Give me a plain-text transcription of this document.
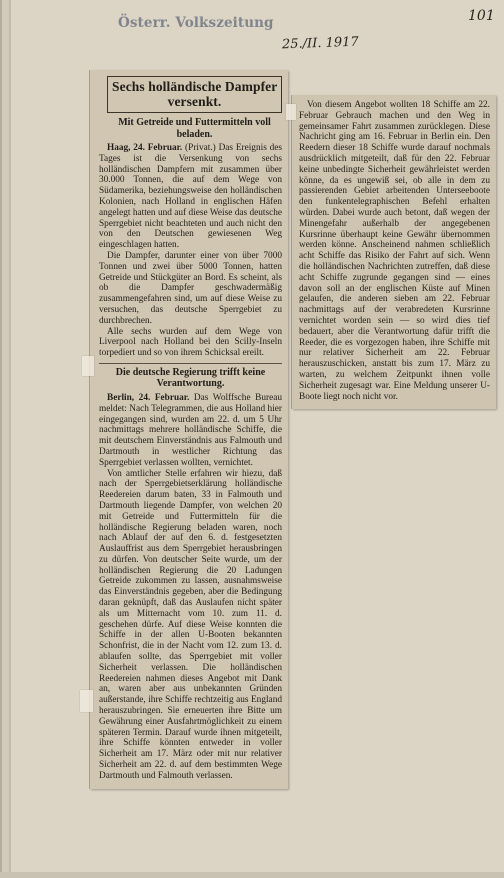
Österr. Volkszeitung
25./II. 1917
101
Sechs holländische Dampfer
versenkt.
Mit Getreide und Futtermitteln voll beladen.

Haag, 24. Februar. (Privat.) Das Ereignis des Tages ist die Versenkung von sechs holländischen Dampfern mit zusammen über 30.000 Tonnen, die auf dem Wege von Südamerika, beziehungsweise den holländischen Kolonien, nach Holland in englischen Häfen angelegt hatten und auf diese Weise das deutsche Sperrgebiet nicht beachteten und auch nicht den von den Deutschen gewiesenen Weg eingeschlagen hatten.

Die Dampfer, darunter einer von über 7000 Tonnen und zwei über 5000 Tonnen, hatten Getreide und Stückgüter an Bord. Es scheint, als ob die Dampfer geschwadermäßig zusammengefahren sind, um auf diese Weise zu versuchen, das deutsche Sperrgebiet zu durchbrechen.

Alle sechs wurden auf dem Wege von Liverpool nach Holland bei den Scilly-Inseln torpediert und so von ihrem Schicksal ereilt.

Die deutsche Regierung trifft keine Verantwortung.

Berlin, 24. Februar. Das Wolffsche Bureau meldet: Nach Telegrammen, die aus Holland hier eingegangen sind, wurden am 22. d. um 5 Uhr nachmittags mehrere holländische Schiffe, die mit deutschem Einverständnis aus Falmouth und Dartmouth in westlicher Richtung das Sperrgebiet verlassen wollten, vernichtet.

Von amtlicher Stelle erfahren wir hiezu, daß nach der Sperrgebietserklärung holländische Reedereien darum baten, 33 in Falmouth und Dartmouth liegende Dampfer, von welchen 20 mit Getreide und Futtermitteln für die holländische Regierung beladen waren, noch nach Ablauf der auf den 6. d. festgesetzten Auslauffrist aus dem Sperrgebiet herausbringen zu dürfen. Von deutscher Seite wurde, um der holländischen Regierung die 20 Ladungen Getreide zukommen zu lassen, ausnahmsweise das Einverständnis gegeben, aber die Bedingung daran geknüpft, daß das Auslaufen nicht später als um Mitternacht vom 10. zum 11. d. geschehen dürfe. Auf diese Weise konnten die Schiffe in der allen U-Booten bekannten Schonfrist, die in der Nacht vom 12. zum 13. d. ablaufen sollte, das Sperrgebiet mit voller Sicherheit verlassen. Die holländischen Reedereien nahmen dieses Angebot mit Dank an, waren aber aus unbekannten Gründen außerstande, ihre Schiffe rechtzeitig aus England herauszubringen. Sie erneuerten ihre Bitte um Gewährung einer Ausfahrtmöglichkeit zu einem späteren Termin. Darauf wurde ihnen mitgeteilt, ihre Schiffe könnten entweder in voller Sicherheit am 17. März oder mit nur relativer Sicherheit am 22. d. auf dem bestimmten Wege Dartmouth und Falmouth verlassen.

Von diesem Angebot wollten 18 Schiffe am 22. Februar Gebrauch machen und den Weg in gemeinsamer Fahrt zusammen zurücklegen. Diese Nachricht ging am 16. Februar in Berlin ein. Den Reedern dieser 18 Schiffe wurde darauf nochmals ausdrücklich mitgeteilt, daß für den 22. Februar keine unbedingte Sicherheit gewährleistet werden könne, da es ungewiß sei, ob alle in dem zu passierenden Gebiet arbeitenden Unterseeboote den funkentelegraphischen Befehl erhalten würden. Dabei wurde auch betont, daß wegen der Minengefahr außerhalb der angegebenen Kursrinne überhaupt keine Gewähr übernommen werden könne. Anscheinend nahmen schließlich acht Schiffe das Risiko der Fahrt auf sich. Wenn die holländischen Nachrichten zutreffen, daß diese acht Schiffe zugrunde gegangen sind — eines davon soll an der englischen Küste auf Minen gelaufen, die anderen sieben am 22. Februar nachmittags auf der verabredeten Kursrinne vernichtet worden sein — so wird dies tief bedauert, aber die Verantwortung dafür trifft die Reeder, die es vorgezogen haben, ihre Schiffe mit nur relativer Sicherheit am 22. Februar herauszuschicken, anstatt bis zum 17. März zu warten, zu welchem Zeitpunkt ihnen volle Sicherheit zugesagt war. Eine Meldung unserer U-Boote liegt noch nicht vor.
